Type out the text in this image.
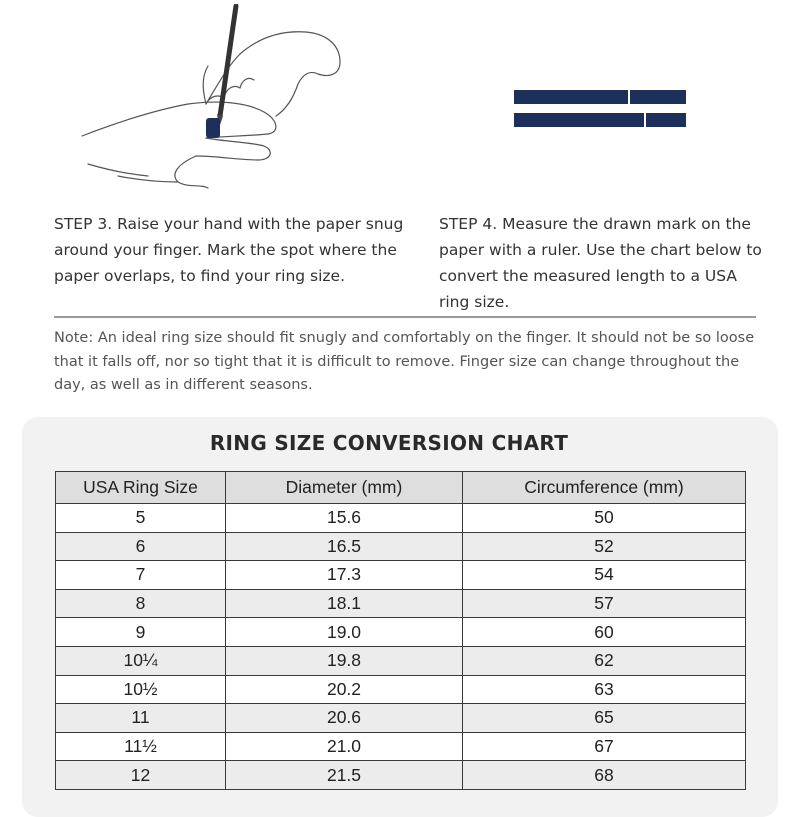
STEP 3. Raise your hand with the paper snug around your finger. Mark the spot where the paper overlaps, to find your ring size.
STEP 4. Measure the drawn mark on the paper with a ruler. Use the chart below to convert the measured length to a USA ring size.
Note: An ideal ring size should fit snugly and comfortably on the finger. It should not be so loose that it falls off, nor so tight that it is difficult to remove. Finger size can change throughout the day, as well as in different seasons.
RING SIZE CONVERSION CHART
USA Ring Size	Diameter (mm)	Circumference (mm)
5	15.6	50
6	16.5	52
7	17.3	54
8	18.1	57
9	19.0	60
10¼	19.8	62
10½	20.2	63
11	20.6	65
11½	21.0	67
12	21.5	68
